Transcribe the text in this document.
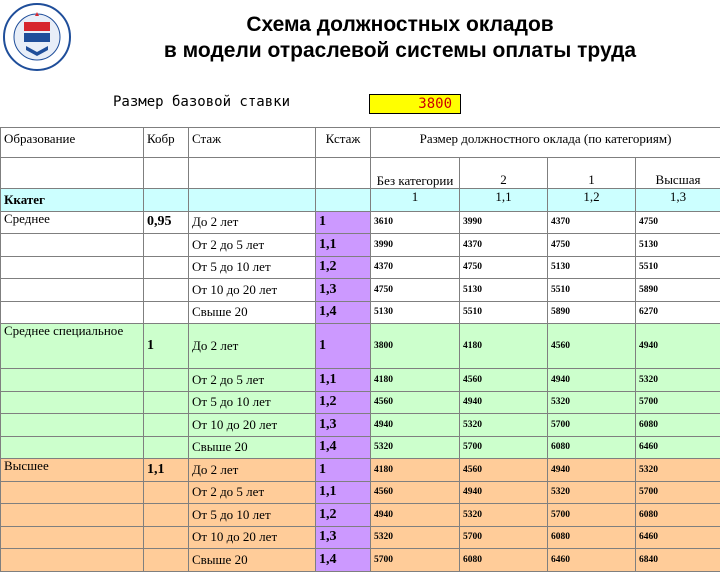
Схема должностных окладов
в модели отраслевой системы оплаты труда
Размер базовой ставки	3800
Образование	Кобр	Стаж	Кстаж	Размер должностного оклада (по категориям)			
				Без категории	2	1	Высшая
Ккатег				1	1,1	1,2	1,3
Среднее	0,95	До 2 лет	1	3610	3990	4370	4750
		От 2 до 5 лет	1,1	3990	4370	4750	5130
		От 5 до 10 лет	1,2	4370	4750	5130	5510
		От 10 до 20 лет	1,3	4750	5130	5510	5890
		Свыше 20	1,4	5130	5510	5890	6270
Среднее специальное	1	До 2 лет	1	3800	4180	4560	4940
		От 2 до 5 лет	1,1	4180	4560	4940	5320
		От 5 до 10 лет	1,2	4560	4940	5320	5700
		От 10 до 20 лет	1,3	4940	5320	5700	6080
		Свыше 20	1,4	5320	5700	6080	6460
Высшее	1,1	До 2 лет	1	4180	4560	4940	5320
		От 2 до 5 лет	1,1	4560	4940	5320	5700
		От 5 до 10 лет	1,2	4940	5320	5700	6080
		От 10 до 20 лет	1,3	5320	5700	6080	6460
		Свыше 20	1,4	5700	6080	6460	6840
